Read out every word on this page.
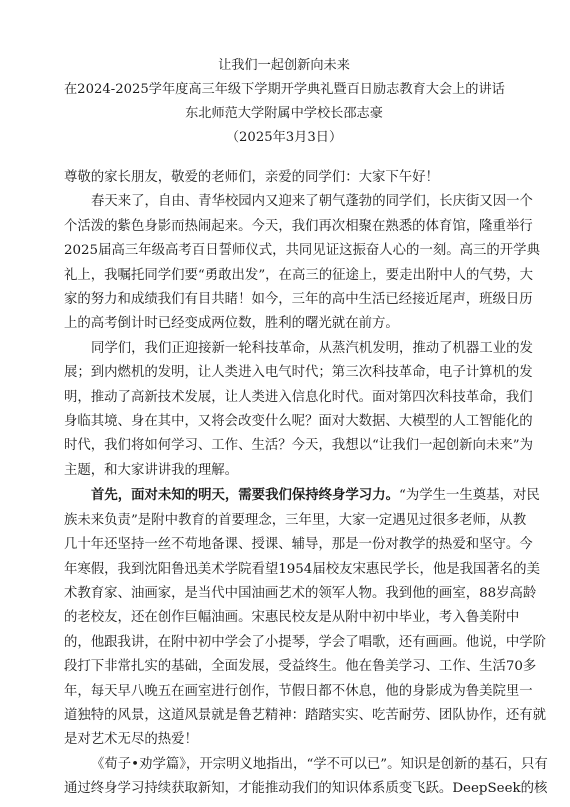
让我们一起创新向未来

在2024-2025学年度高三年级下学期开学典礼暨百日励志教育大会上的讲话

东北师范大学附属中学校长邵志豪

（2025年3月3日）

尊敬的家长朋友，敬爱的老师们，亲爱的同学们：大家下午好！

春天来了，自由、青华校园内又迎来了朝气蓬勃的同学们，长庆街又因一个

个活泼的紫色身影而热闹起来。今天，我们再次相聚在熟悉的体育馆，隆重举行

2025届高三年级高考百日誓师仪式，共同见证这振奋人心的一刻。高三的开学典

礼上，我嘱托同学们要“勇敢出发”，在高三的征途上，要走出附中人的气势，大

家的努力和成绩我们有目共睹！如今，三年的高中生活已经接近尾声，班级日历

上的高考倒计时已经变成两位数，胜利的曙光就在前方。

同学们，我们正迎接新一轮科技革命，从蒸汽机发明，推动了机器工业的发

展；到内燃机的发明，让人类进入电气时代；第三次科技革命，电子计算机的发

明，推动了高新技术发展，让人类进入信息化时代。面对第四次科技革命，我们

身临其境、身在其中，又将会改变什么呢？面对大数据、大模型的人工智能化的

时代，我们将如何学习、工作、生活？今天，我想以“让我们一起创新向未来”为

主题，和大家讲讲我的理解。

首先，面对未知的明天，需要我们保持终身学习力。“为学生一生奠基，对民

族未来负责”是附中教育的首要理念，三年里，大家一定遇见过很多老师，从教

几十年还坚持一丝不苟地备课、授课、辅导，那是一份对教学的热爱和坚守。今

年寒假，我到沈阳鲁迅美术学院看望1954届校友宋惠民学长，他是我国著名的美

术教育家、油画家，是当代中国油画艺术的领军人物。我到他的画室，88岁高龄

的老校友，还在创作巨幅油画。宋惠民校友是从附中初中毕业，考入鲁美附中

的，他跟我讲，在附中初中学会了小提琴，学会了唱歌，还有画画。他说，中学阶

段打下非常扎实的基础，全面发展，受益终生。他在鲁美学习、工作、生活70多

年，每天早八晚五在画室进行创作，节假日都不休息，他的身影成为鲁美院里一

道独特的风景，这道风景就是鲁艺精神：踏踏实实、吃苦耐劳、团队协作，还有就

是对艺术无尽的热爱！

《荀子•劝学篇》，开宗明义地指出，“学不可以已”。知识是创新的基石，只有

通过终身学习持续获取新知，才能推动我们的知识体系质变飞跃。DeepSeek的核
